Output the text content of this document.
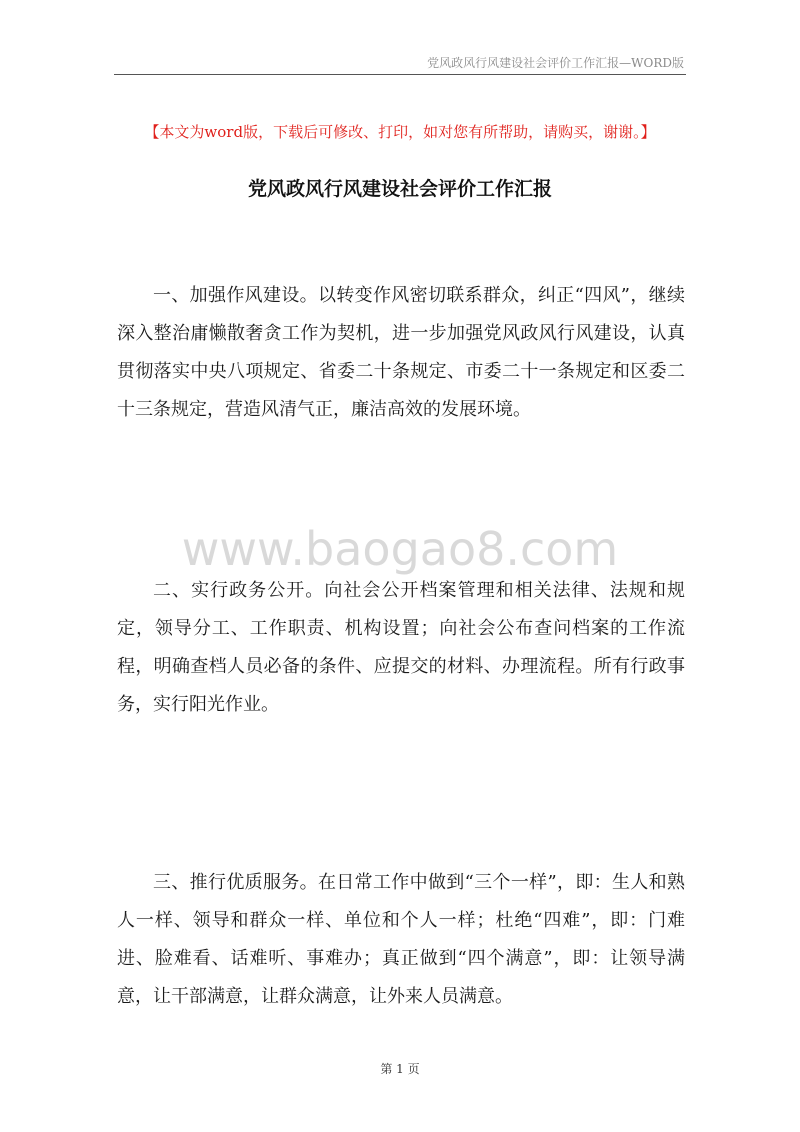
党风政风行风建设社会评价工作汇报—WORD版
【本文为word版，下载后可修改、打印，如对您有所帮助，请购买，谢谢。】
党风政风行风建设社会评价工作汇报

一、加强作风建设。以转变作风密切联系群众，纠正“四风”，继续深入整治庸懒散奢贪工作为契机，进一步加强党风政风行风建设，认真贯彻落实中央八项规定、省委二十条规定、市委二十一条规定和区委二十三条规定，营造风清气正，廉洁高效的发展环境。

www.baogao8.com

二、实行政务公开。向社会公开档案管理和相关法律、法规和规定，领导分工、工作职责、机构设置；向社会公布查问档案的工作流程，明确查档人员必备的条件、应提交的材料、办理流程。所有行政事务，实行阳光作业。

三、推行优质服务。在日常工作中做到“三个一样”，即：生人和熟人一样、领导和群众一样、单位和个人一样；杜绝“四难”，即：门难进、脸难看、话难听、事难办；真正做到“四个满意”，即：让领导满意，让干部满意，让群众满意，让外来人员满意。

第 1 页
